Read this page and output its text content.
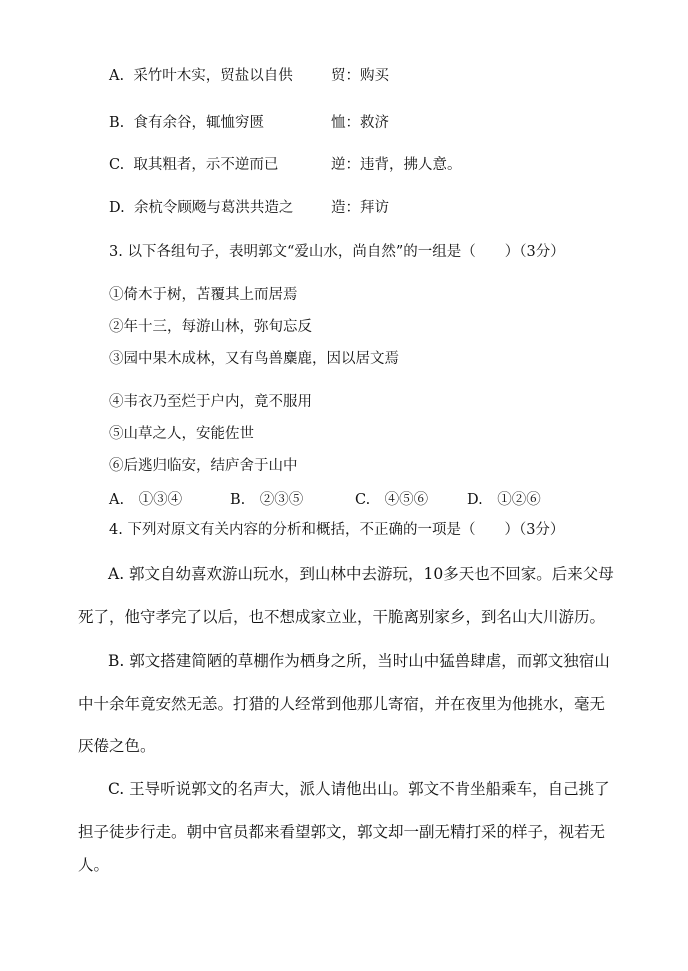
A. 采竹叶木实，贸盐以自供	贸：购买
B. 食有余谷，辄恤穷匮	恤：救济
C. 取其粗者，示不逆而已	逆：违背，拂人意。
D. 余杭令顾飏与葛洪共造之	造：拜访
3. 以下各组句子，表明郭文“爱山水，尚自然”的一组是（　　）（3分）
①倚木于树，苫覆其上而居焉
②年十三，每游山林，弥旬忘反
③园中果木成林，又有鸟兽麋鹿，因以居文焉
④韦衣乃至烂于户内，竟不服用
⑤山草之人，安能佐世
⑥后逃归临安，结庐舍于山中
A.　①③④	B.　②③⑤	C.　④⑤⑥	D.　①②⑥
4. 下列对原文有关内容的分析和概括，不正确的一项是（　　）（3分）
A. 郭文自幼喜欢游山玩水，到山林中去游玩，10多天也不回家。后来父母
死了，他守孝完了以后，也不想成家立业，干脆离别家乡，到名山大川游历。
B. 郭文搭建简陋的草棚作为栖身之所，当时山中猛兽肆虐，而郭文独宿山
中十余年竟安然无恙。打猎的人经常到他那儿寄宿，并在夜里为他挑水，毫无
厌倦之色。
C. 王导听说郭文的名声大，派人请他出山。郭文不肯坐船乘车，自己挑了
担子徒步行走。朝中官员都来看望郭文，郭文却一副无精打采的样子，视若无
人。
